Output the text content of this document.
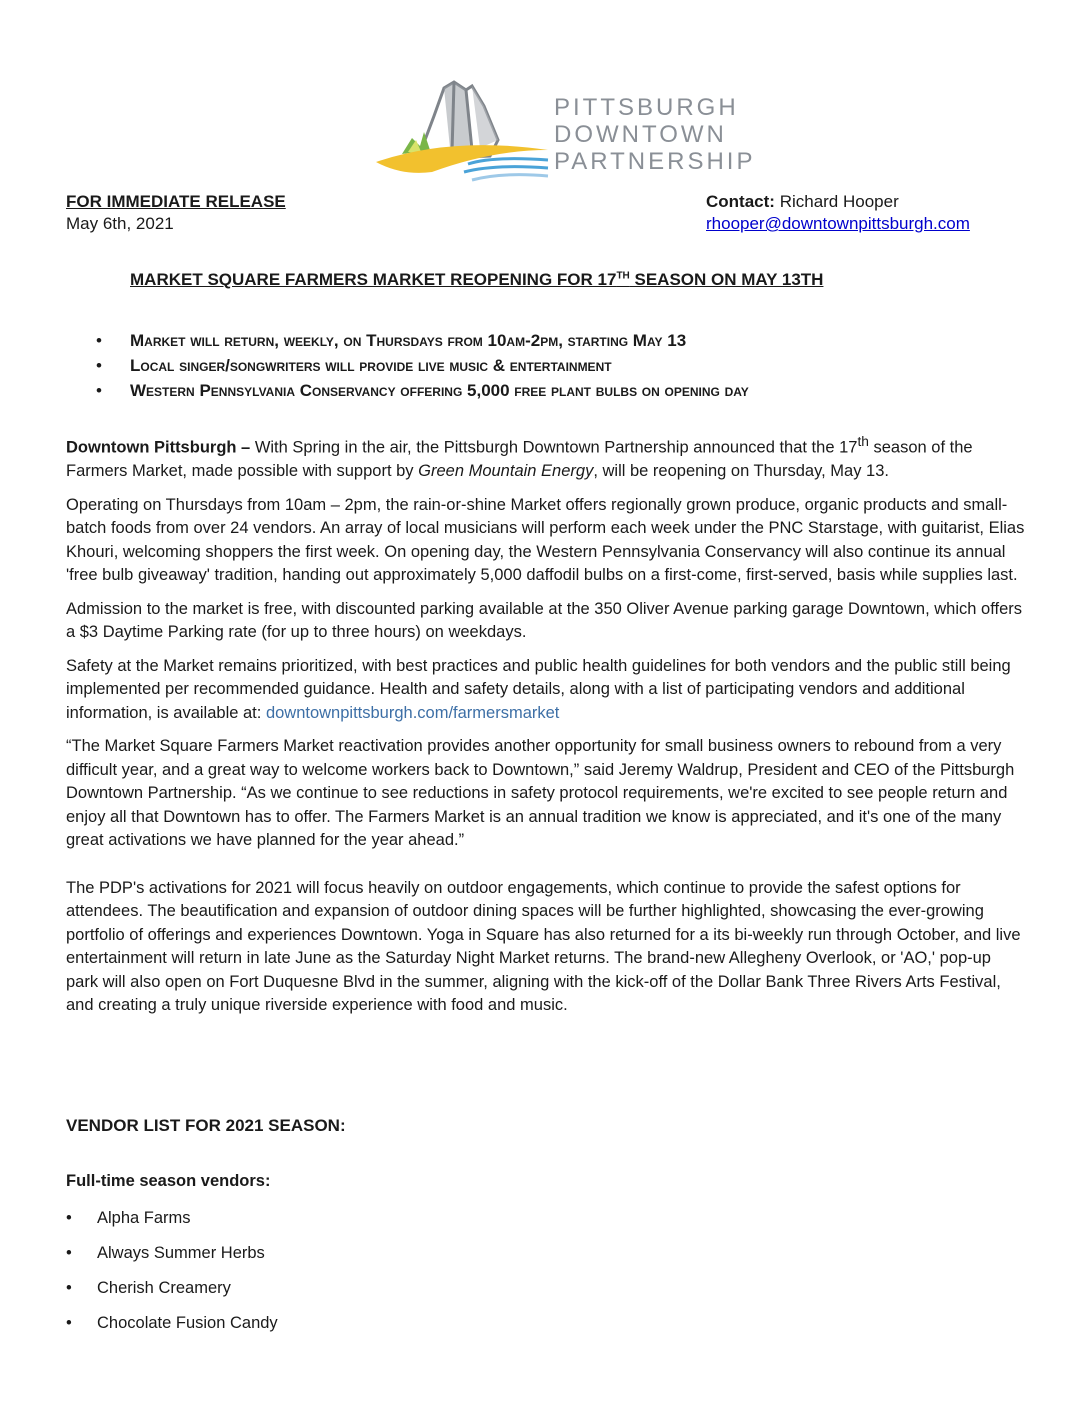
PITTSBURGH
DOWNTOWN
PARTNERSHIP
FOR IMMEDIATE RELEASE
May 6th, 2021
Contact: Richard Hooper
rhooper@downtownpittsburgh.com
MARKET SQUARE FARMERS MARKET REOPENING FOR 17TH SEASON ON MAY 13TH
• Market will return, weekly, on Thursdays from 10am-2pm, starting May 13
• Local singer/songwriters will provide live music & entertainment
• Western Pennsylvania Conservancy offering 5,000 free plant bulbs on opening day

Downtown Pittsburgh – With Spring in the air, the Pittsburgh Downtown Partnership announced that the 17th season of the Farmers Market, made possible with support by Green Mountain Energy, will be reopening on Thursday, May 13.

Operating on Thursdays from 10am – 2pm, the rain-or-shine Market offers regionally grown produce, organic products and small-batch foods from over 24 vendors. An array of local musicians will perform each week under the PNC Starstage, with guitarist, Elias Khouri, welcoming shoppers the first week. On opening day, the Western Pennsylvania Conservancy will also continue its annual 'free bulb giveaway' tradition, handing out approximately 5,000 daffodil bulbs on a first-come, first-served, basis while supplies last.

Admission to the market is free, with discounted parking available at the 350 Oliver Avenue parking garage Downtown, which offers a $3 Daytime Parking rate (for up to three hours) on weekdays.

Safety at the Market remains prioritized, with best practices and public health guidelines for both vendors and the public still being implemented per recommended guidance. Health and safety details, along with a list of participating vendors and additional information, is available at: downtownpittsburgh.com/farmersmarket

“The Market Square Farmers Market reactivation provides another opportunity for small business owners to rebound from a very difficult year, and a great way to welcome workers back to Downtown,” said Jeremy Waldrup, President and CEO of the Pittsburgh Downtown Partnership. “As we continue to see reductions in safety protocol requirements, we're excited to see people return and enjoy all that Downtown has to offer. The Farmers Market is an annual tradition we know is appreciated, and it's one of the many great activations we have planned for the year ahead.”

The PDP's activations for 2021 will focus heavily on outdoor engagements, which continue to provide the safest options for attendees. The beautification and expansion of outdoor dining spaces will be further highlighted, showcasing the ever-growing portfolio of offerings and experiences Downtown. Yoga in Square has also returned for a its bi-weekly run through October, and live entertainment will return in late June as the Saturday Night Market returns. The brand-new Allegheny Overlook, or 'AO,' pop-up park will also open on Fort Duquesne Blvd in the summer, aligning with the kick-off of the Dollar Bank Three Rivers Arts Festival, and creating a truly unique riverside experience with food and music.

VENDOR LIST FOR 2021 SEASON:
Full-time season vendors:
• Alpha Farms
• Always Summer Herbs
• Cherish Creamery
• Chocolate Fusion Candy
